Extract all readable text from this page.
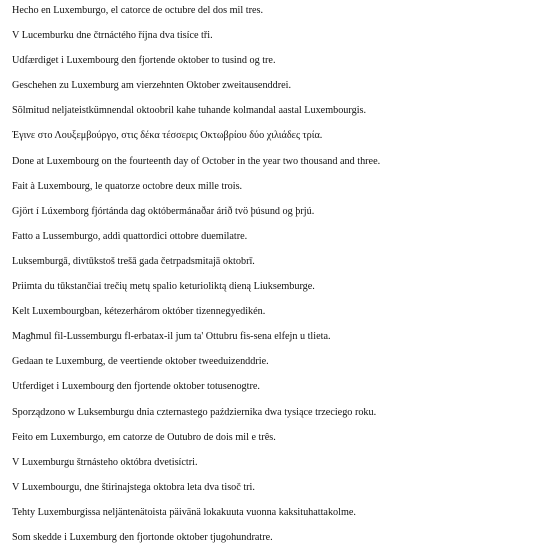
Hecho en Luxemburgo, el catorce de octubre del dos mil tres.
V Lucemburku dne čtrnáctého října dva tisíce tři.
Udfærdiget i Luxembourg den fjortende oktober to tusind og tre.
Geschehen zu Luxemburg am vierzehnten Oktober zweitausenddrei.
Sõlmitud neljateistkümnendal oktoobril kahe tuhande kolmandal aastal Luxembourgis.
Έγινε στο Λουξεμβούργο, στις δέκα τέσσερις Οκτωβρίου δύο χιλιάδες τρία.
Done at Luxembourg on the fourteenth day of October in the year two thousand and three.
Fait à Luxembourg, le quatorze octobre deux mille trois.
Gjört í Lúxemborg fjórtánda dag októbermánaðar árið tvö þúsund og þrjú.
Fatto a Lussemburgo, addì quattordici ottobre duemilatre.
Luksemburgā, divtūkstoš trešā gada četrpadsmitajā oktobrī.
Priimta du tūkstančiai trečių metų spalio keturioliktą dieną Liuksemburge.
Kelt Luxembourgban, kétezerhárom október tizennegyedikén.
Magħmul fil-Lussemburgu fl-erbatax-il jum ta' Ottubru fis-sena elfejn u tlieta.
Gedaan te Luxemburg, de veertiende oktober tweeduizenddrie.
Utferdiget i Luxembourg den fjortende oktober totusenogtre.
Sporządzono w Luksemburgu dnia czternastego października dwa tysiące trzeciego roku.
Feito em Luxemburgo, em catorze de Outubro de dois mil e três.
V Luxemburgu štrnásteho októbra dvetisíctri.
V Luxembourgu, dne štirinajstega oktobra leta dva tisoč tri.
Tehty Luxemburgissa neljäntenätoista päivänä lokakuuta vuonna kaksituhattakolme.
Som skedde i Luxemburg den fjortonde oktober tjugohundratre.
